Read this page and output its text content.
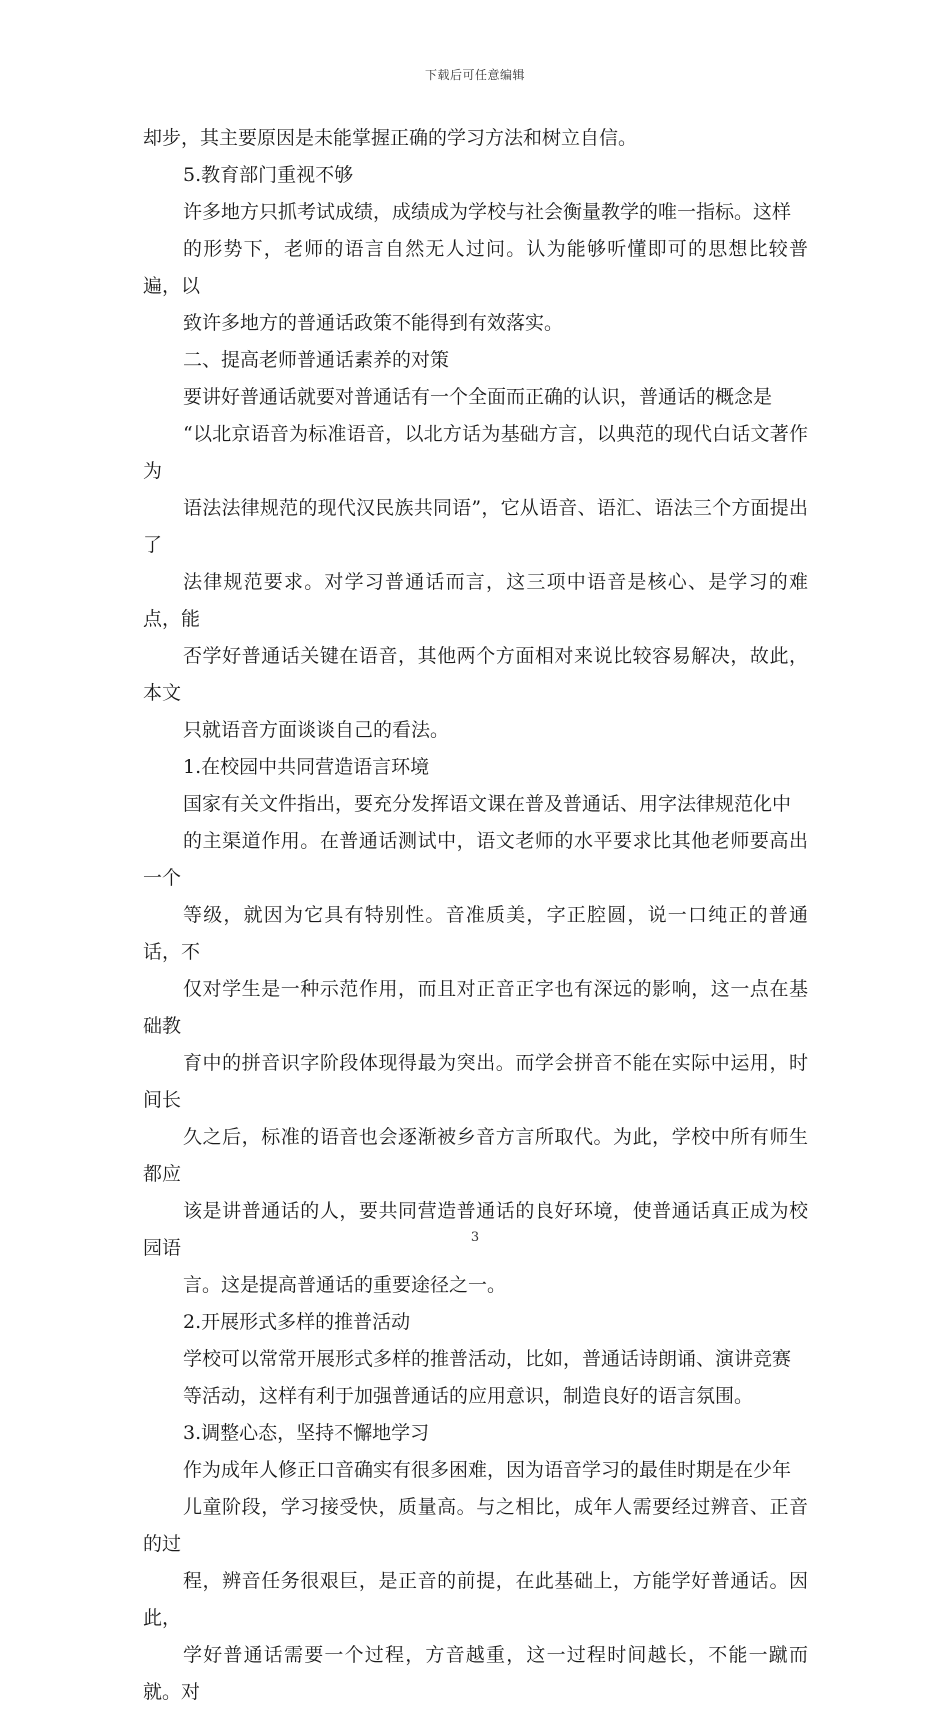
下载后可任意编辑

却步，其主要原因是未能掌握正确的学习方法和树立自信。

5.教育部门重视不够

许多地方只抓考试成绩，成绩成为学校与社会衡量教学的唯一指标。这样
的形势下，老师的语言自然无人过问。认为能够听懂即可的思想比较普遍，以
致许多地方的普通话政策不能得到有效落实。

二、提高老师普通话素养的对策

要讲好普通话就要对普通话有一个全面而正确的认识，普通话的概念是
“以北京语音为标准语音，以北方话为基础方言，以典范的现代白话文著作为
语法法律规范的现代汉民族共同语”，它从语音、语汇、语法三个方面提出了
法律规范要求。对学习普通话而言，这三项中语音是核心、是学习的难点，能
否学好普通话关键在语音，其他两个方面相对来说比较容易解决，故此，本文
只就语音方面谈谈自己的看法。

1.在校园中共同营造语言环境

国家有关文件指出，要充分发挥语文课在普及普通话、用字法律规范化中
的主渠道作用。在普通话测试中，语文老师的水平要求比其他老师要高出一个
等级，就因为它具有特别性。音准质美，字正腔圆，说一口纯正的普通话，不
仅对学生是一种示范作用，而且对正音正字也有深远的影响，这一点在基础教
育中的拼音识字阶段体现得最为突出。而学会拼音不能在实际中运用，时间长
久之后，标准的语音也会逐渐被乡音方言所取代。为此，学校中所有师生都应
该是讲普通话的人，要共同营造普通话的良好环境，使普通话真正成为校园语
言。这是提高普通话的重要途径之一。

2.开展形式多样的推普活动

学校可以常常开展形式多样的推普活动，比如，普通话诗朗诵、演讲竞赛
等活动，这样有利于加强普通话的应用意识，制造良好的语言氛围。

3.调整心态，坚持不懈地学习

作为成年人修正口音确实有很多困难，因为语音学习的最佳时期是在少年
儿童阶段，学习接受快，质量高。与之相比，成年人需要经过辨音、正音的过
程，辨音任务很艰巨，是正音的前提，在此基础上，方能学好普通话。因此，
学好普通话需要一个过程，方音越重，这一过程时间越长，不能一蹴而就。对

3
